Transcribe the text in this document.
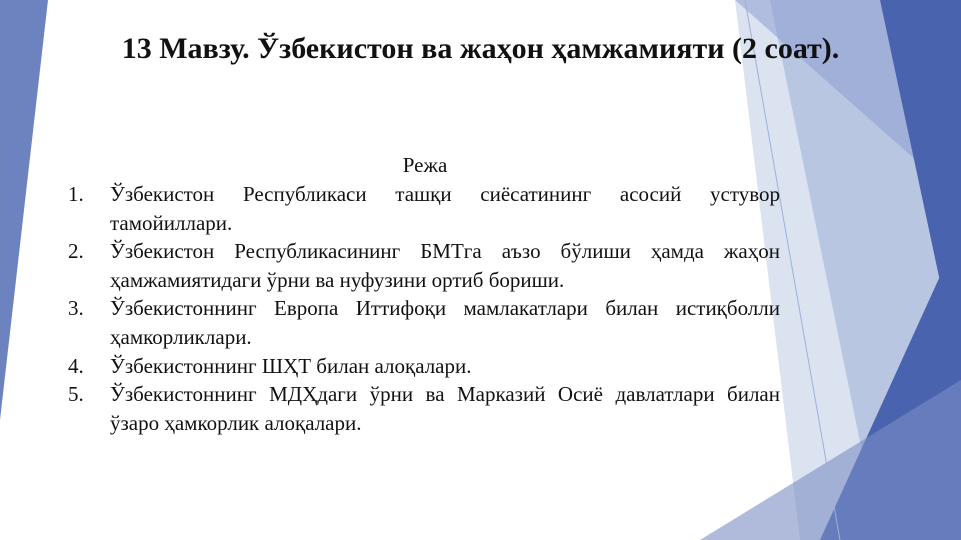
13 Мавзу. Ўзбекистон ва жаҳон ҳамжамияти (2 соат).
Режа
1. Ўзбекистон Республикаси ташқи сиёсатининг асосий устувор тамойиллари.
2. Ўзбекистон Республикасининг БМТга аъзо бўлиши ҳамда жаҳон ҳамжамиятидаги ўрни ва нуфузини ортиб бориши.
3. Ўзбекистоннинг Европа Иттифоқи мамлакатлари билан истиқболли ҳамкорликлари.
4. Ўзбекистоннинг ШҲТ билан алоқалари.
5. Ўзбекистоннинг МДҲдаги ўрни ва Марказий Осиё давлатлари билан ўзаро ҳамкорлик алоқалари.
